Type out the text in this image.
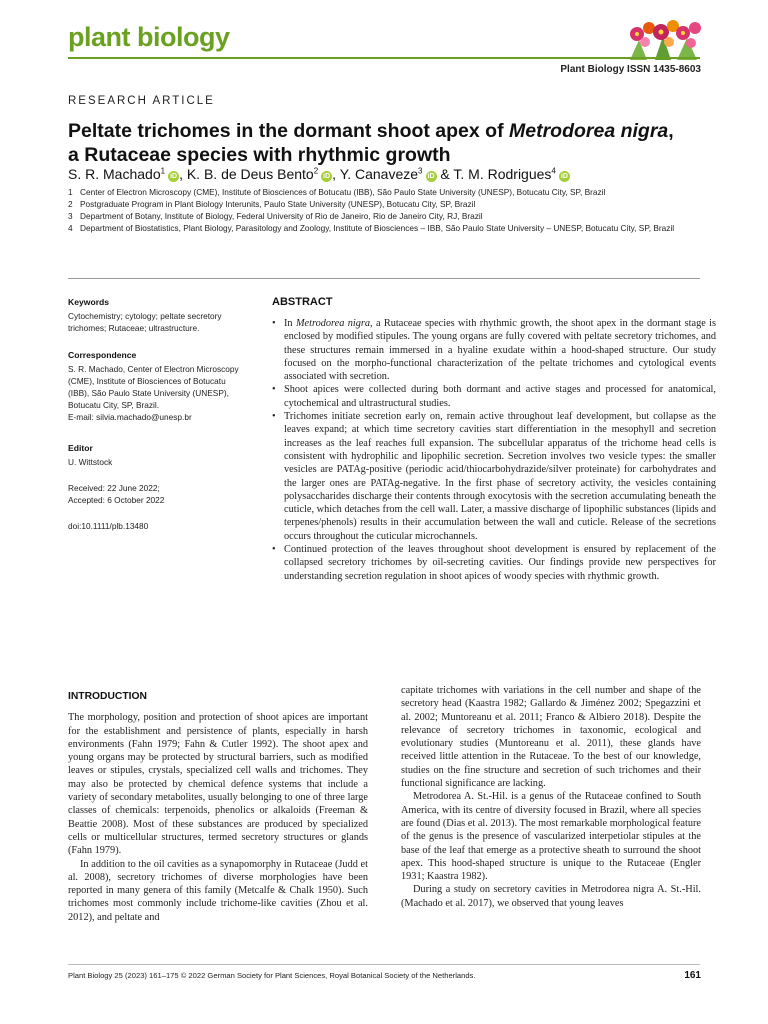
plant biology
Plant Biology ISSN 1435-8603
RESEARCH ARTICLE
Peltate trichomes in the dormant shoot apex of Metrodorea nigra, a Rutaceae species with rhythmic growth
S. R. Machado$^1$iD , K. B. de Deus Bento$^2$iD , Y. Canaveze$^3$iD & T. M. Rodrigues$^4$iD
1 Center of Electron Microscopy (CME), Institute of Biosciences of Botucatu (IBB), São Paulo State University (UNESP), Botucatu City, SP, Brazil
2 Postgraduate Program in Plant Biology Interunits, Paulo State University (UNESP), Botucatu City, SP, Brazil
3 Department of Botany, Institute of Biology, Federal University of Rio de Janeiro, Rio de Janeiro City, RJ, Brazil
4 Department of Biostatistics, Plant Biology, Parasitology and Zoology, Institute of Biosciences – IBB, São Paulo State University – UNESP, Botucatu City, SP, Brazil
Keywords
Cytochemistry; cytology; peltate secretory trichomes; Rutaceae; ultrastructure.
Correspondence
S. R. Machado, Center of Electron Microscopy (CME), Institute of Biosciences of Botucatu (IBB), São Paulo State University (UNESP), Botucatu City, SP, Brazil.
E-mail: silvia.machado@unesp.br
Editor
U. Wittstock
Received: 22 June 2022;
Accepted: 6 October 2022
doi:10.1111/plb.13480
ABSTRACT
• In Metrodorea nigra, a Rutaceae species with rhythmic growth, the shoot apex in the dormant stage is enclosed by modified stipules. The young organs are fully covered with peltate secretory trichomes, and these structures remain immersed in a hyaline exudate within a hood-shaped structure. Our study focused on the morpho-functional characterization of the peltate trichomes and cytological events associated with secretion.
• Shoot apices were collected during both dormant and active stages and processed for anatomical, cytochemical and ultrastructural studies.
• Trichomes initiate secretion early on, remain active throughout leaf development, but collapse as the leaves expand; at which time secretory cavities start differentiation in the mesophyll and secretion increases as the leaf reaches full expansion. The subcellular apparatus of the trichome head cells is consistent with hydrophilic and lipophilic secretion. Secretion involves two vesicle types: the smaller vesicles are PATAg-positive (periodic acid/thiocarbohydrazide/silver proteinate) for carbohydrates and the larger ones are PATAg-negative. In the first phase of secretory activity, the vesicles containing polysaccharides discharge their contents through exocytosis with the secretion accumulating beneath the cuticle, which detaches from the cell wall. Later, a massive discharge of lipophilic substances (lipids and terpenes/phenols) results in their accumulation between the wall and cuticle. Release of the secretions occurs throughout the cuticular microchannels.
• Continued protection of the leaves throughout shoot development is ensured by replacement of the collapsed secretory trichomes by oil-secreting cavities. Our findings provide new perspectives for understanding secretion regulation in shoot apices of woody species with rhythmic growth.
INTRODUCTION

The morphology, position and protection of shoot apices are important for the establishment and persistence of plants, especially in harsh environments (Fahn 1979; Fahn & Cutler 1992). The shoot apex and young organs may be protected by structural barriers, such as modified leaves or stipules, crystals, specialized cell walls and trichomes. They may also be protected by chemical defence systems that include a variety of secondary metabolites, usually belonging to one of three large classes of chemicals: terpenoids, phenolics or alkaloids (Freeman & Beattie 2008). Most of these substances are produced by specialized cells or multicellular structures, termed secretory structures or glands (Fahn 1979).

In addition to the oil cavities as a synapomorphy in Rutaceae (Judd et al. 2008), secretory trichomes of diverse morphologies have been reported in many genera of this family (Metcalfe & Chalk 1950). Such trichomes most commonly include trichome-like cavities (Zhou et al. 2012), and peltate and

capitate trichomes with variations in the cell number and shape of the secretory head (Kaastra 1982; Gallardo & Jiménez 2002; Spegazzini et al. 2002; Muntoreanu et al. 2011; Franco & Albiero 2018). Despite the relevance of secretory trichomes in taxonomic, ecological and evolutionary studies (Muntoreanu et al. 2011), these glands have received little attention in the Rutaceae. To the best of our knowledge, studies on the fine structure and secretion of such trichomes and their functional significance are lacking.

Metrodorea A. St.-Hil. is a genus of the Rutaceae confined to South America, with its centre of diversity focused in Brazil, where all species are found (Dias et al. 2013). The most remarkable morphological feature of the genus is the presence of vascularized interpetiolar stipules at the base of the leaf that emerge as a protective sheath to surround the shoot apex. This hood-shaped structure is unique to the Rutaceae (Engler 1931; Kaastra 1982).

During a study on secretory cavities in Metrodorea nigra A. St.-Hil. (Machado et al. 2017), we observed that young leaves

Plant Biology 25 (2023) 161–175 © 2022 German Society for Plant Sciences, Royal Botanical Society of the Netherlands.	161
